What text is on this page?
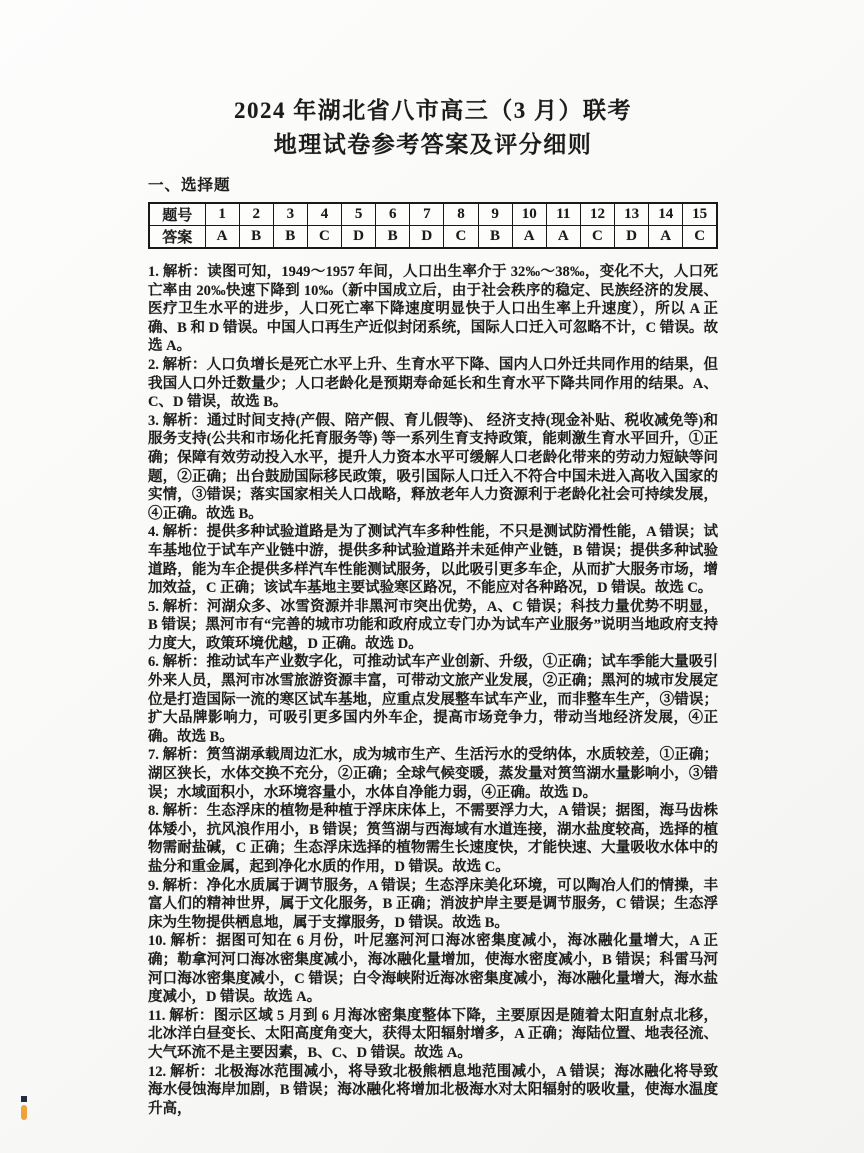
2024 年湖北省八市高三（3 月）联考
地理试卷参考答案及评分细则
一、选择题
题号	1	2	3	4	5	6	7	8	9	10	11	12	13	14	15
答案	A	B	B	C	D	B	D	C	B	A	A	C	D	A	C

1. 解析：读图可知，1949～1957 年间，人口出生率介于 32‰～38‰，变化不大，人口死亡率由 20‰快速下降到 10‰（新中国成立后，由于社会秩序的稳定、民族经济的发展、医疗卫生水平的进步，人口死亡率下降速度明显快于人口出生率上升速度），所以 A 正确、B 和 D 错误。中国人口再生产近似封闭系统，国际人口迁入可忽略不计，C 错误。故选 A。

2. 解析：人口负增长是死亡水平上升、生育水平下降、国内人口外迁共同作用的结果，但我国人口外迁数量少；人口老龄化是预期寿命延长和生育水平下降共同作用的结果。A、C、D 错误，故选 B。

3. 解析：通过时间支持(产假、陪产假、育儿假等)、 经济支持(现金补贴、税收减免等)和服务支持(公共和市场化托育服务等) 等一系列生育支持政策，能刺激生育水平回升，①正确；保障有效劳动投入水平，提升人力资本水平可缓解人口老龄化带来的劳动力短缺等问题，②正确；出台鼓励国际移民政策，吸引国际人口迁入不符合中国未进入高收入国家的实情，③错误；落实国家相关人口战略，释放老年人力资源利于老龄化社会可持续发展，④正确。故选 B。

4. 解析：提供多种试验道路是为了测试汽车多种性能，不只是测试防滑性能，A 错误；试车基地位于试车产业链中游，提供多种试验道路并未延伸产业链，B 错误；提供多种试验道路，能为车企提供多样汽车性能测试服务，以此吸引更多车企，从而扩大服务市场，增加效益，C 正确；该试车基地主要试验寒区路况，不能应对各种路况，D 错误。故选 C。

5. 解析：河湖众多、冰雪资源并非黑河市突出优势，A、C 错误；科技力量优势不明显，B 错误；黑河市有“完善的城市功能和政府成立专门办为试车产业服务”说明当地政府支持力度大，政策环境优越，D 正确。故选 D。

6. 解析：推动试车产业数字化，可推动试车产业创新、升级，①正确；试车季能大量吸引外来人员，黑河市冰雪旅游资源丰富，可带动文旅产业发展，②正确；黑河的城市发展定位是打造国际一流的寒区试车基地，应重点发展整车试车产业，而非整车生产，③错误；扩大品牌影响力，可吸引更多国内外车企，提高市场竞争力，带动当地经济发展，④正确。故选 B。

7. 解析：筼筜湖承载周边汇水，成为城市生产、生活污水的受纳体，水质较差，①正确；湖区狭长，水体交换不充分，②正确；全球气候变暖，蒸发量对筼筜湖水量影响小，③错误；水域面积小，水环境容量小，水体自净能力弱，④正确。故选 D。

8. 解析：生态浮床的植物是种植于浮床床体上，不需要浮力大，A 错误；据图，海马齿株体矮小，抗风浪作用小，B 错误；筼筜湖与西海域有水道连接，湖水盐度较高，选择的植物需耐盐碱，C 正确；生态浮床选择的植物需生长速度快，才能快速、大量吸收水体中的盐分和重金属，起到净化水质的作用，D 错误。故选 C。

9. 解析：净化水质属于调节服务，A 错误；生态浮床美化环境，可以陶冶人们的情操，丰富人们的精神世界，属于文化服务，B 正确；消波护岸主要是调节服务，C 错误；生态浮床为生物提供栖息地，属于支撑服务，D 错误。故选 B。

10. 解析：据图可知在 6 月份，叶尼塞河河口海冰密集度减小，海冰融化量增大，A 正确；勒拿河河口海冰密集度减小，海冰融化量增加，使海水密度减小，B 错误；科雷马河河口海冰密集度减小，C 错误；白令海峡附近海冰密集度减小，海冰融化量增大，海水盐度减小，D 错误。故选 A。

11. 解析：图示区域 5 月到 6 月海冰密集度整体下降，主要原因是随着太阳直射点北移，北冰洋白昼变长、太阳高度角变大，获得太阳辐射增多，A 正确；海陆位置、地表径流、大气环流不是主要因素，B、C、D 错误。故选 A。

12. 解析：北极海冰范围减小，将导致北极熊栖息地范围减小，A 错误；海冰融化将导致海水侵蚀海岸加剧，B 错误；海冰融化将增加北极海水对太阳辐射的吸收量，使海水温度升高，
